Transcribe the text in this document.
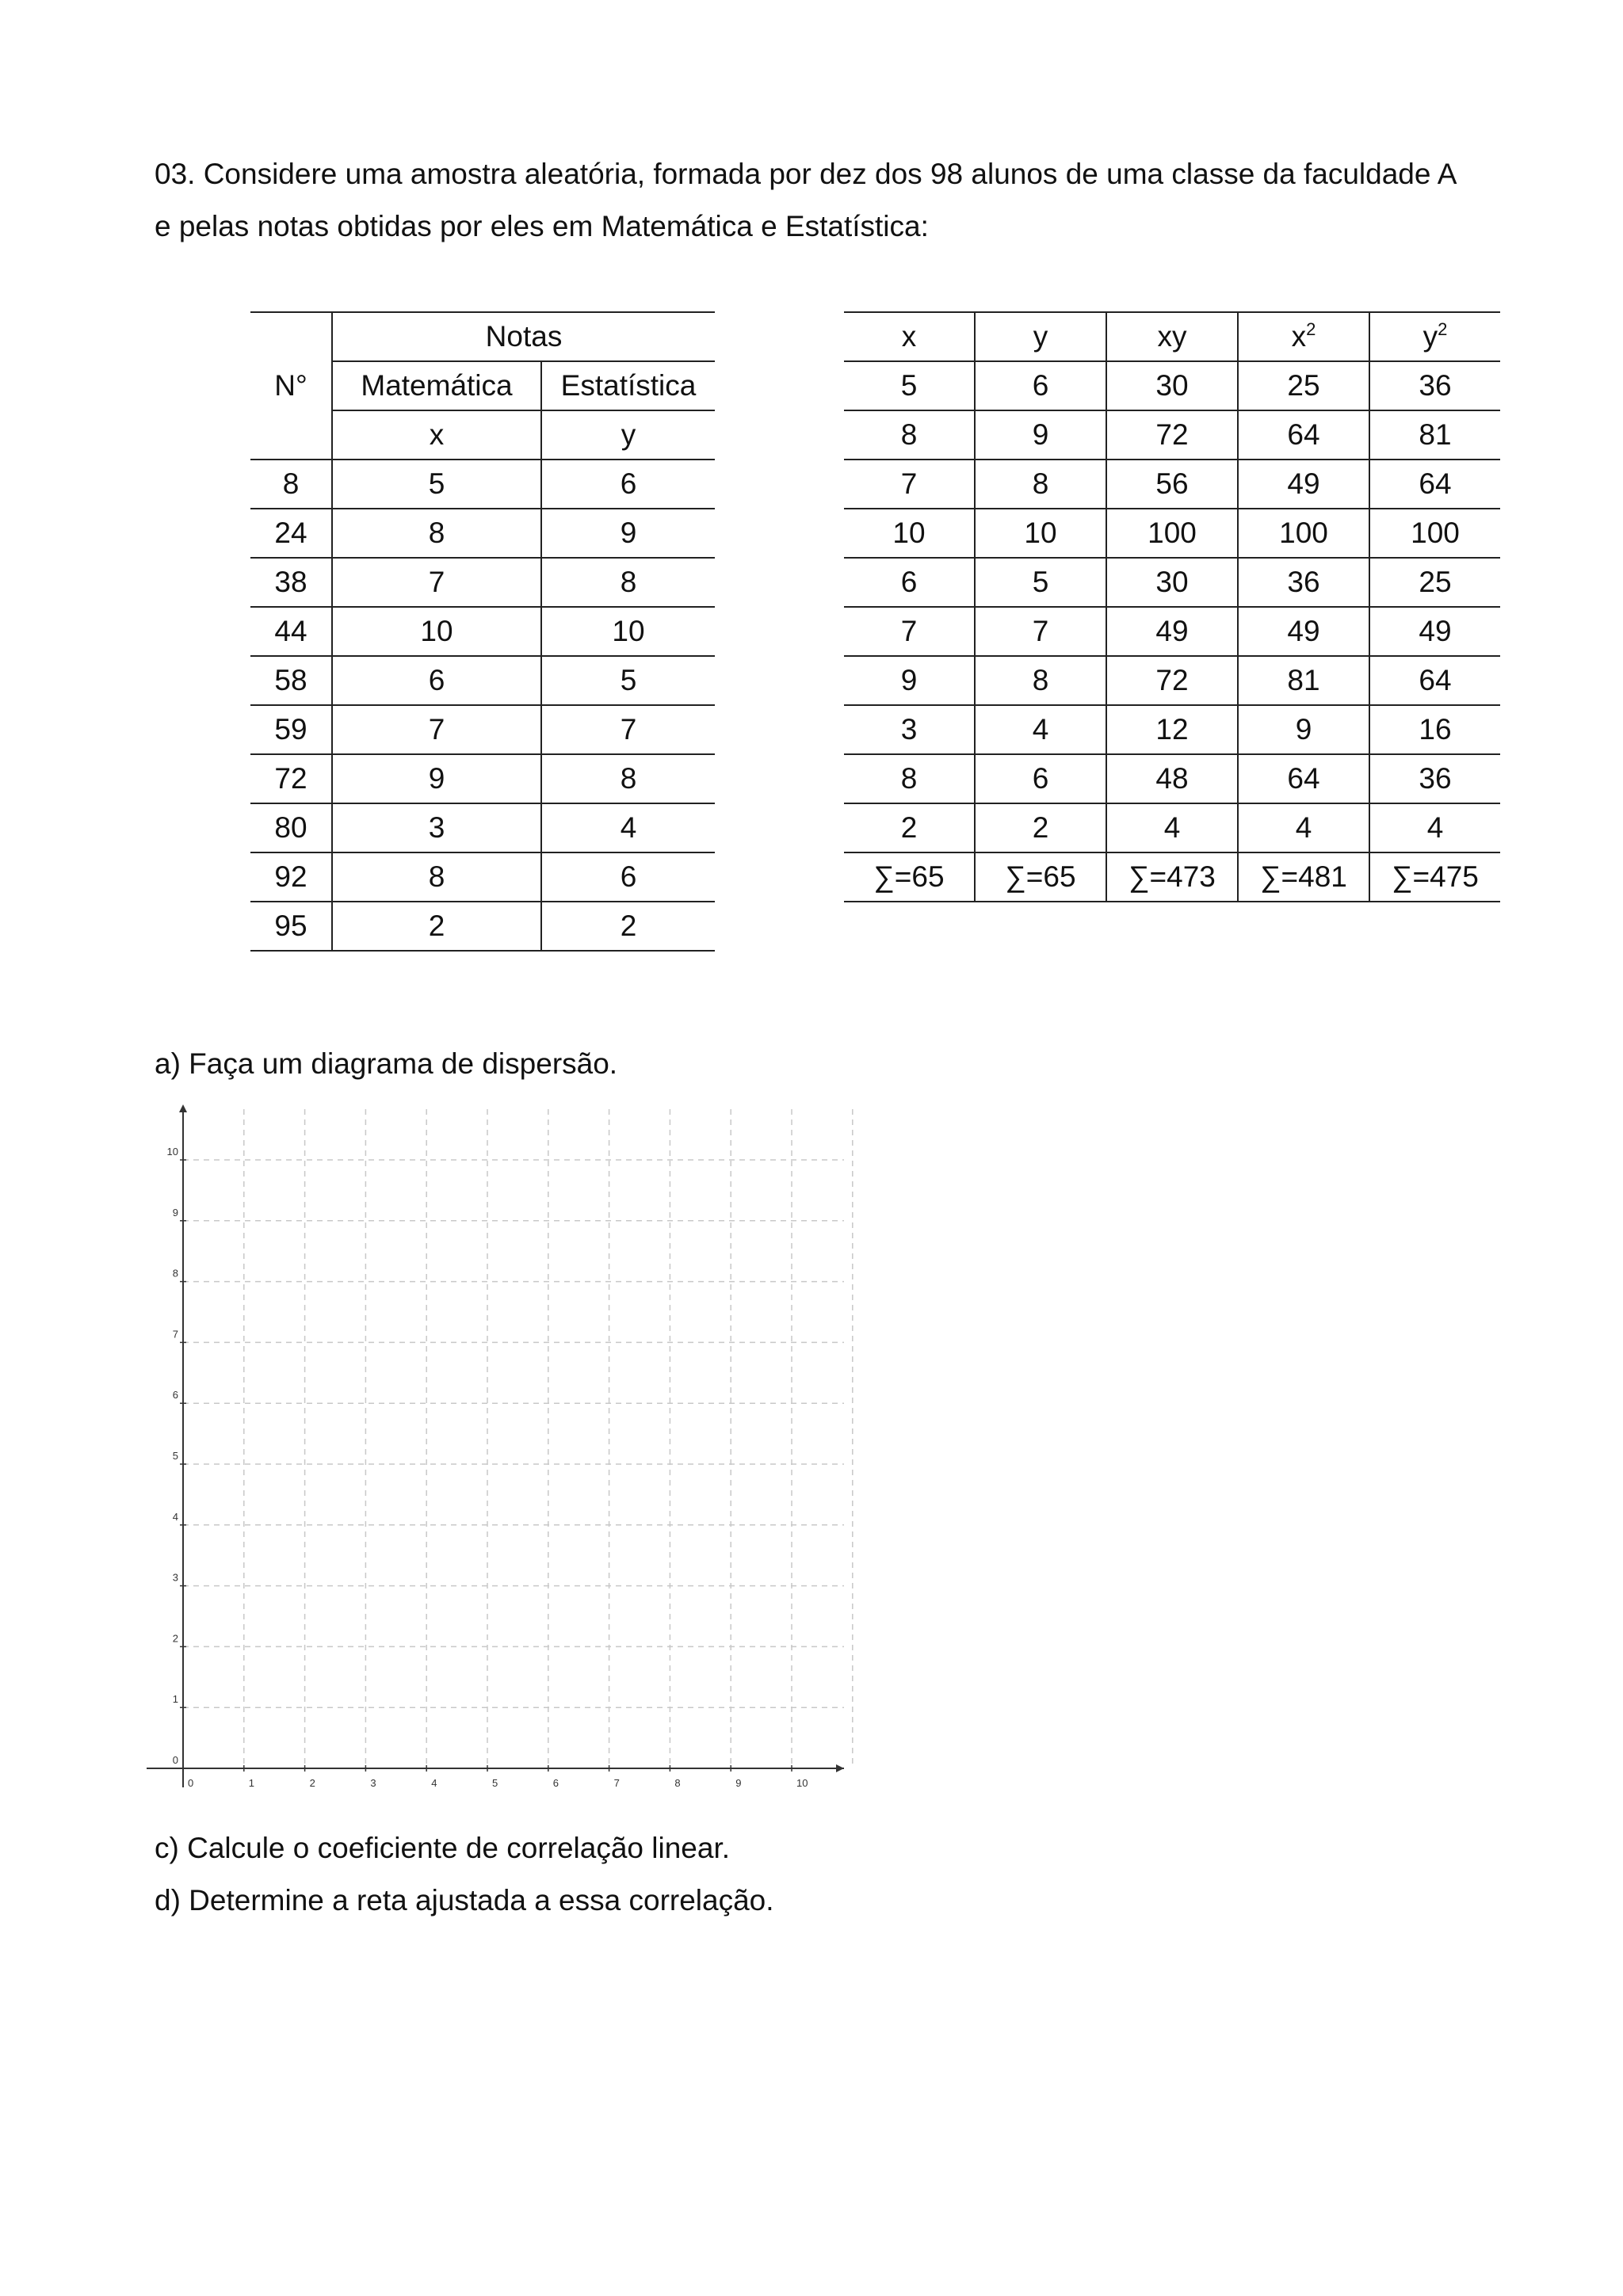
03. Considere uma amostra aleatória, formada por dez dos 98 alunos de uma classe da faculdade A

e pelas notas obtidas por eles em Matemática e Estatística:

	Notas	
N°	Matemática	Estatística
	x	y
8	5	6
24	8	9
38	7	8
44	10	10
58	6	5
59	7	7
72	9	8
80	3	4
92	8	6
95	2	2
x	y	xy	$x^2$	$y^2$
5	6	30	25	36
8	9	72	64	81
7	8	56	49	64
10	10	100	100	100
6	5	30	36	25
7	7	49	49	49
9	8	72	81	64
3	4	12	9	16
8	6	48	64	36
2	2	4	4	4
∑=65	∑=65	∑=473	∑=481	∑=475

a) Faça um diagrama de dispersão.

0	1	2	3	4	5	6	7	8	9	10
0
1
2
3
4
5
6
7
8
9
10

c) Calcule o coeficiente de correlação linear.

d) Determine a reta ajustada a essa correlação.
